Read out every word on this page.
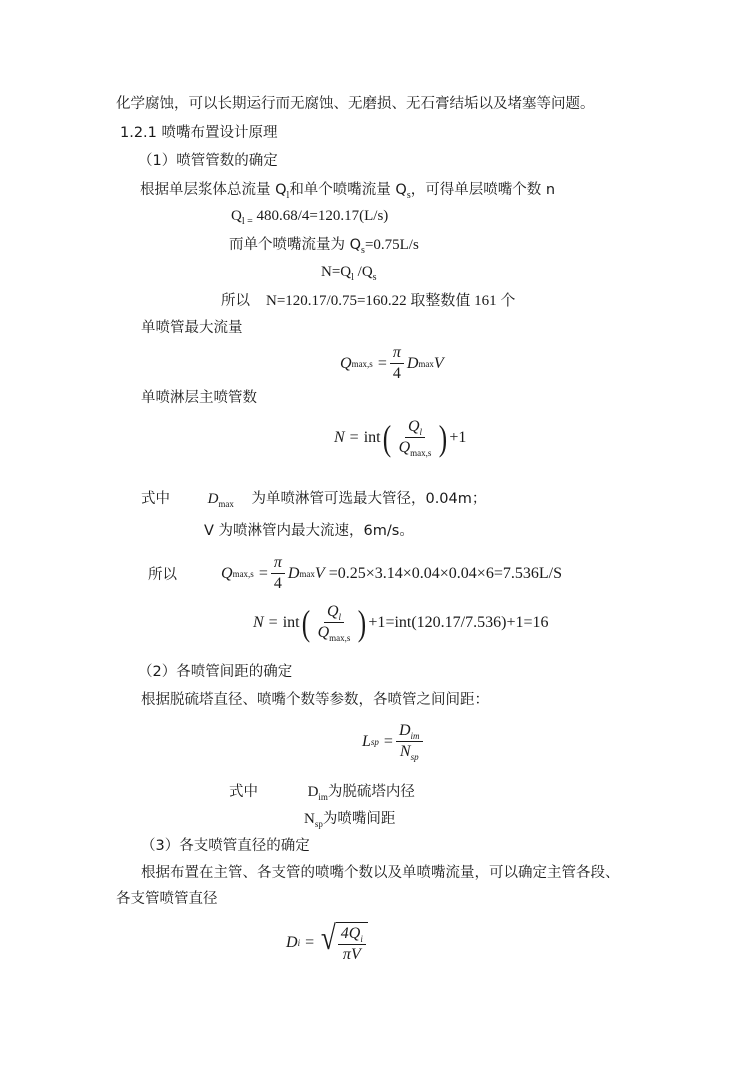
化学腐蚀，可以长期运行而无腐蚀、无磨损、无石膏结垢以及堵塞等问题。
1.2.1 喷嘴布置设计原理
（1）喷管管数的确定
根据单层浆体总流量 $Q_l$和单个喷嘴流量 $Q_s$，可得单层喷嘴个数 n
$Q_{l =}$ 480.68/4=120.17(L/s)
而单个喷嘴流量为 $Q_s=0.75L/s$
$N=Q_l$ $/Q_s$
所以 N=120.17/0.75=160.22 取整数值 161 个
单喷管最大流量
Q $\max,s = \frac{\pi}{4}$ D max V
单喷淋层主喷管数
N = int ( $\frac{Q_l}{Q_{max,s}}$ ) +1
式中	$D_{max}$ 为单喷淋管可选最大管径，0.04m；
V 为喷淋管内最大流速，6m/s。
所以	Q $\max,s = \frac{\pi}{4}$ D max V =0.25×3.14×0.04×0.04×6=7.536L/S
N = int ( $\frac{Q_l}{Q_{max,s}}$ ) +1 =int(120.17/7.536)+1=16
（2）各喷管间距的确定
根据脱硫塔直径、喷嘴个数等参数，各喷管之间间距：
L sp = $\frac{D_{im}}{N_{sp}}$
式中	$D_{im}$为脱硫塔内径
$N_{sp}$为喷嘴间距
（3）各支喷管直径的确定
根据布置在主管、各支管的喷嘴个数以及单喷嘴流量，可以确定主管各段、
各支管喷管直径
D i = √ $\frac{4Q_i}{\pi V}$
